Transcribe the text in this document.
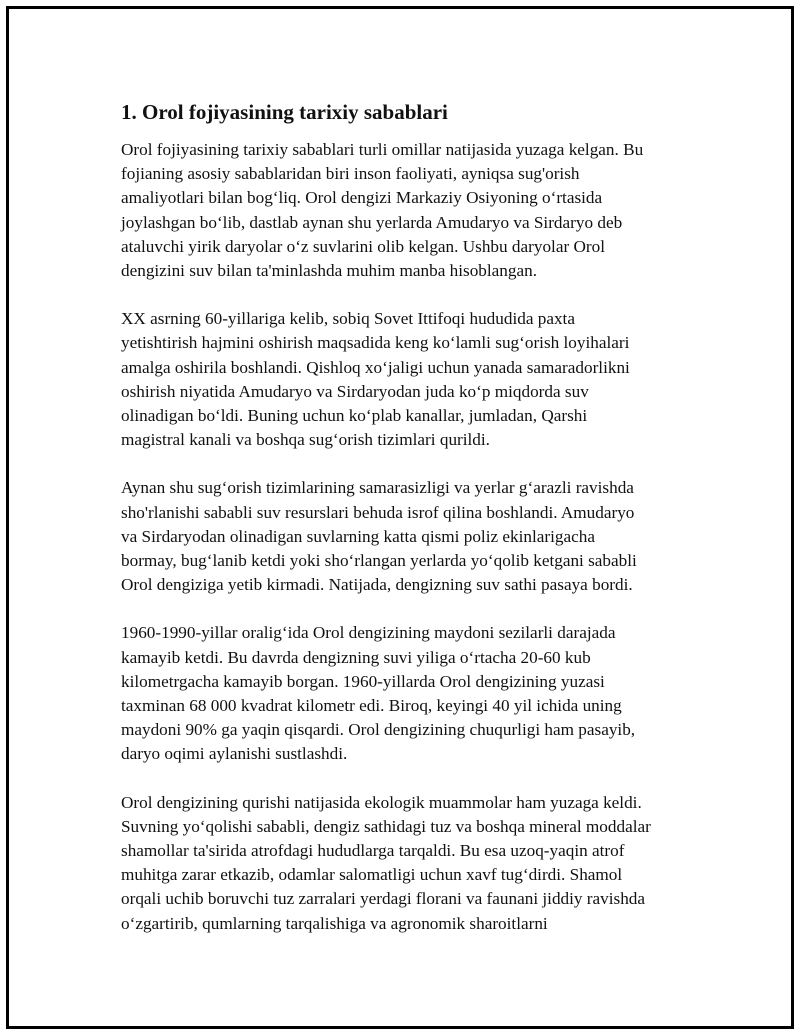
1. Orol fojiyasining tarixiy sabablari

Orol fojiyasining tarixiy sabablari turli omillar natijasida yuzaga kelgan. Bu
fojianing asosiy sabablaridan biri inson faoliyati, ayniqsa sug'orish
amaliyotlari bilan bog‘liq. Orol dengizi Markaziy Osiyoning o‘rtasida
joylashgan bo‘lib, dastlab aynan shu yerlarda Amudaryo va Sirdaryo deb
ataluvchi yirik daryolar o‘z suvlarini olib kelgan. Ushbu daryolar Orol
dengizini suv bilan ta'minlashda muhim manba hisoblangan.

XX asrning 60-yillariga kelib, sobiq Sovet Ittifoqi hududida paxta
yetishtirish hajmini oshirish maqsadida keng ko‘lamli sug‘orish loyihalari
amalga oshirila boshlandi. Qishloq xo‘jaligi uchun yanada samaradorlikni
oshirish niyatida Amudaryo va Sirdaryodan juda ko‘p miqdorda suv
olinadigan bo‘ldi. Buning uchun ko‘plab kanallar, jumladan, Qarshi
magistral kanali va boshqa sug‘orish tizimlari qurildi.

Aynan shu sug‘orish tizimlarining samarasizligi va yerlar g‘arazli ravishda
sho'rlanishi sababli suv resurslari behuda isrof qilina boshlandi. Amudaryo
va Sirdaryodan olinadigan suvlarning katta qismi poliz ekinlarigacha
bormay, bug‘lanib ketdi yoki sho‘rlangan yerlarda yo‘qolib ketgani sababli
Orol dengiziga yetib kirmadi. Natijada, dengizning suv sathi pasaya bordi.

1960-1990-yillar oralig‘ida Orol dengizining maydoni sezilarli darajada
kamayib ketdi. Bu davrda dengizning suvi yiliga o‘rtacha 20-60 kub
kilometrgacha kamayib borgan. 1960-yillarda Orol dengizining yuzasi
taxminan 68 000 kvadrat kilometr edi. Biroq, keyingi 40 yil ichida uning
maydoni 90% ga yaqin qisqardi. Orol dengizining chuqurligi ham pasayib,
daryo oqimi aylanishi sustlashdi.

Orol dengizining qurishi natijasida ekologik muammolar ham yuzaga keldi.
Suvning yo‘qolishi sababli, dengiz sathidagi tuz va boshqa mineral moddalar
shamollar ta'sirida atrofdagi hududlarga tarqaldi. Bu esa uzoq-yaqin atrof
muhitga zarar etkazib, odamlar salomatligi uchun xavf tug‘dirdi. Shamol
orqali uchib boruvchi tuz zarralari yerdagi florani va faunani jiddiy ravishda
o‘zgartirib, qumlarning tarqalishiga va agronomik sharoitlarni
